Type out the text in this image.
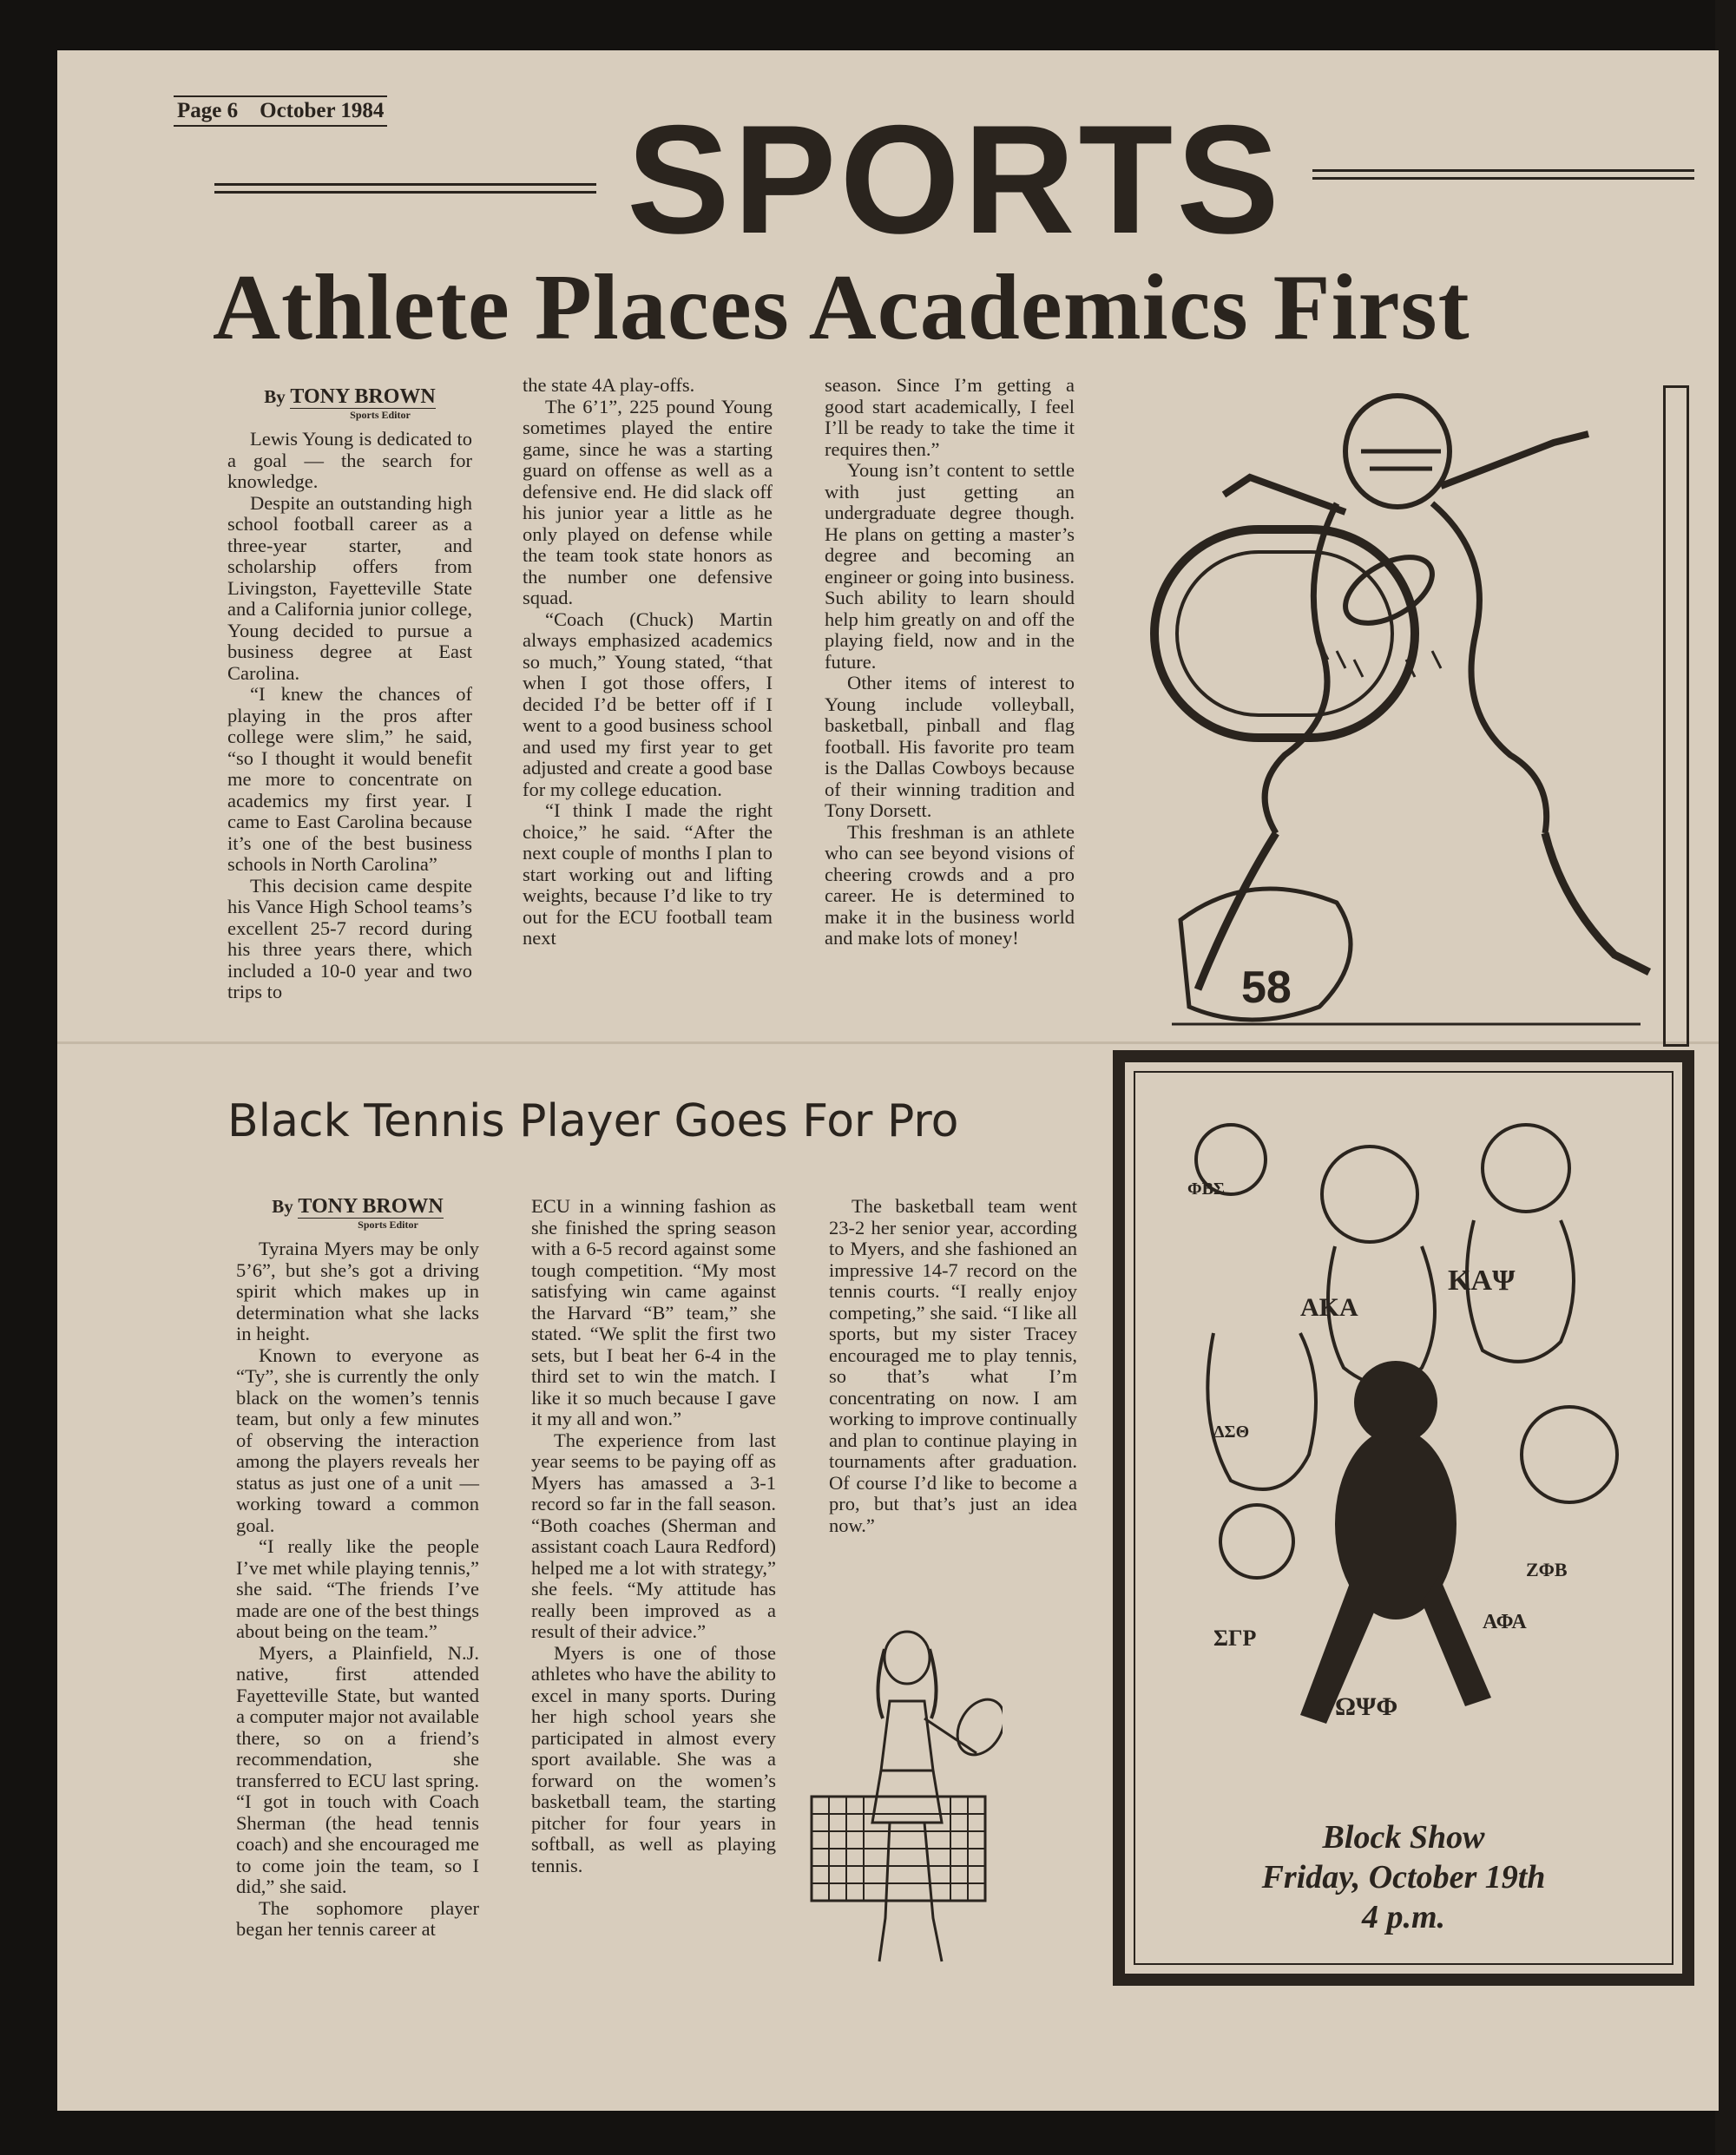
Page 6    October 1984 SPORTS
Athlete Places Academics First
By TONY BROWN
Sports Editor

Lewis Young is dedicated to a goal — the search for knowledge.

Despite an outstanding high school football career as a three-year starter, and scholarship offers from Livingston, Fayetteville State and a California junior college, Young decided to pursue a business degree at East Carolina.

“I knew the chances of playing in the pros after college were slim,” he said, “so I thought it would benefit me more to concentrate on academics my first year. I came to East Carolina because it’s one of the best business schools in North Carolina”

This decision came despite his Vance High School teams’s excellent 25-7 record during his three years there, which included a 10-0 year and two trips to

the state 4A play-offs.

The 6’1”, 225 pound Young sometimes played the entire game, since he was a starting guard on offense as well as a defensive end. He did slack off his junior year a little as he only played on defense while the team took state honors as the number one defensive squad.

“Coach (Chuck) Martin always emphasized academics so much,” Young stated, “that when I got those offers, I decided I’d be better off if I went to a good business school and used my first year to get adjusted and create a good base for my college education.

“I think I made the right choice,” he said. “After the next couple of months I plan to start working out and lifting weights, because I’d like to try out for the ECU football team next

season. Since I’m getting a good start academically, I feel I’ll be ready to take the time it requires then.”

Young isn’t content to settle with just getting an undergraduate degree though. He plans on getting a master’s degree and becoming an engineer or going into business. Such ability to learn should help him greatly on and off the playing field, now and in the future.

Other items of interest to Young include volleyball, basketball, pinball and flag football. His favorite pro team is the Dallas Cowboys because of their winning tradition and Tony Dorsett.

This freshman is an athlete who can see beyond visions of cheering crowds and a pro career. He is determined to make it in the business world and make lots of money!

58
Black Tennis Player Goes For Pro
By TONY BROWN
Sports Editor

Tyraina Myers may be only 5’6”, but she’s got a driving spirit which makes up in determination what she lacks in height.

Known to everyone as “Ty”, she is currently the only black on the women’s tennis team, but only a few minutes of observing the interaction among the players reveals her status as just one of a unit — working toward a common goal.

“I really like the people I’ve met while playing tennis,” she said. “The friends I’ve made are one of the best things about being on the team.”

Myers, a Plainfield, N.J. native, first attended Fayetteville State, but wanted a computer major not available there, so on a friend’s recommendation, she transferred to ECU last spring. “I got in touch with Coach Sherman (the head tennis coach) and she encouraged me to come join the team, so I did,” she said.

The sophomore player began her tennis career at

ECU in a winning fashion as she finished the spring season with a 6-5 record against some tough competition. “My most satisfying win came against the Harvard “B” team,” she stated. “We split the first two sets, but I beat her 6-4 in the third set to win the match. I like it so much because I gave it my all and won.”

The experience from last year seems to be paying off as Myers has amassed a 3-1 record so far in the fall season. “Both coaches (Sherman and assistant coach Laura Redford) helped me a lot with strategy,” she feels. “My attitude has really been improved as a result of their advice.”

Myers is one of those athletes who have the ability to excel in many sports. During her high school years she participated in almost every sport available. She was a forward on the women’s basketball team, the starting pitcher for four years in softball, as well as playing tennis.

The basketball team went 23-2 her senior year, according to Myers, and she fashioned an impressive 14-7 record on the tennis courts. “I really enjoy competing,” she said. “I like all sports, but my sister Tracey encouraged me to play tennis, so that’s what I’m concentrating on now. I am working to improve continually and plan to continue playing in tournaments after graduation. Of course I’d like to become a pro, but that’s just an idea now.”

AKA
KAΨ
ΣΓΡ
ΩΨΦ
ΔΣΘ
ΦΒΣ
ΖΦΒ
ΑΦΑ
Block Show
Friday, October 19th
4 p.m.
